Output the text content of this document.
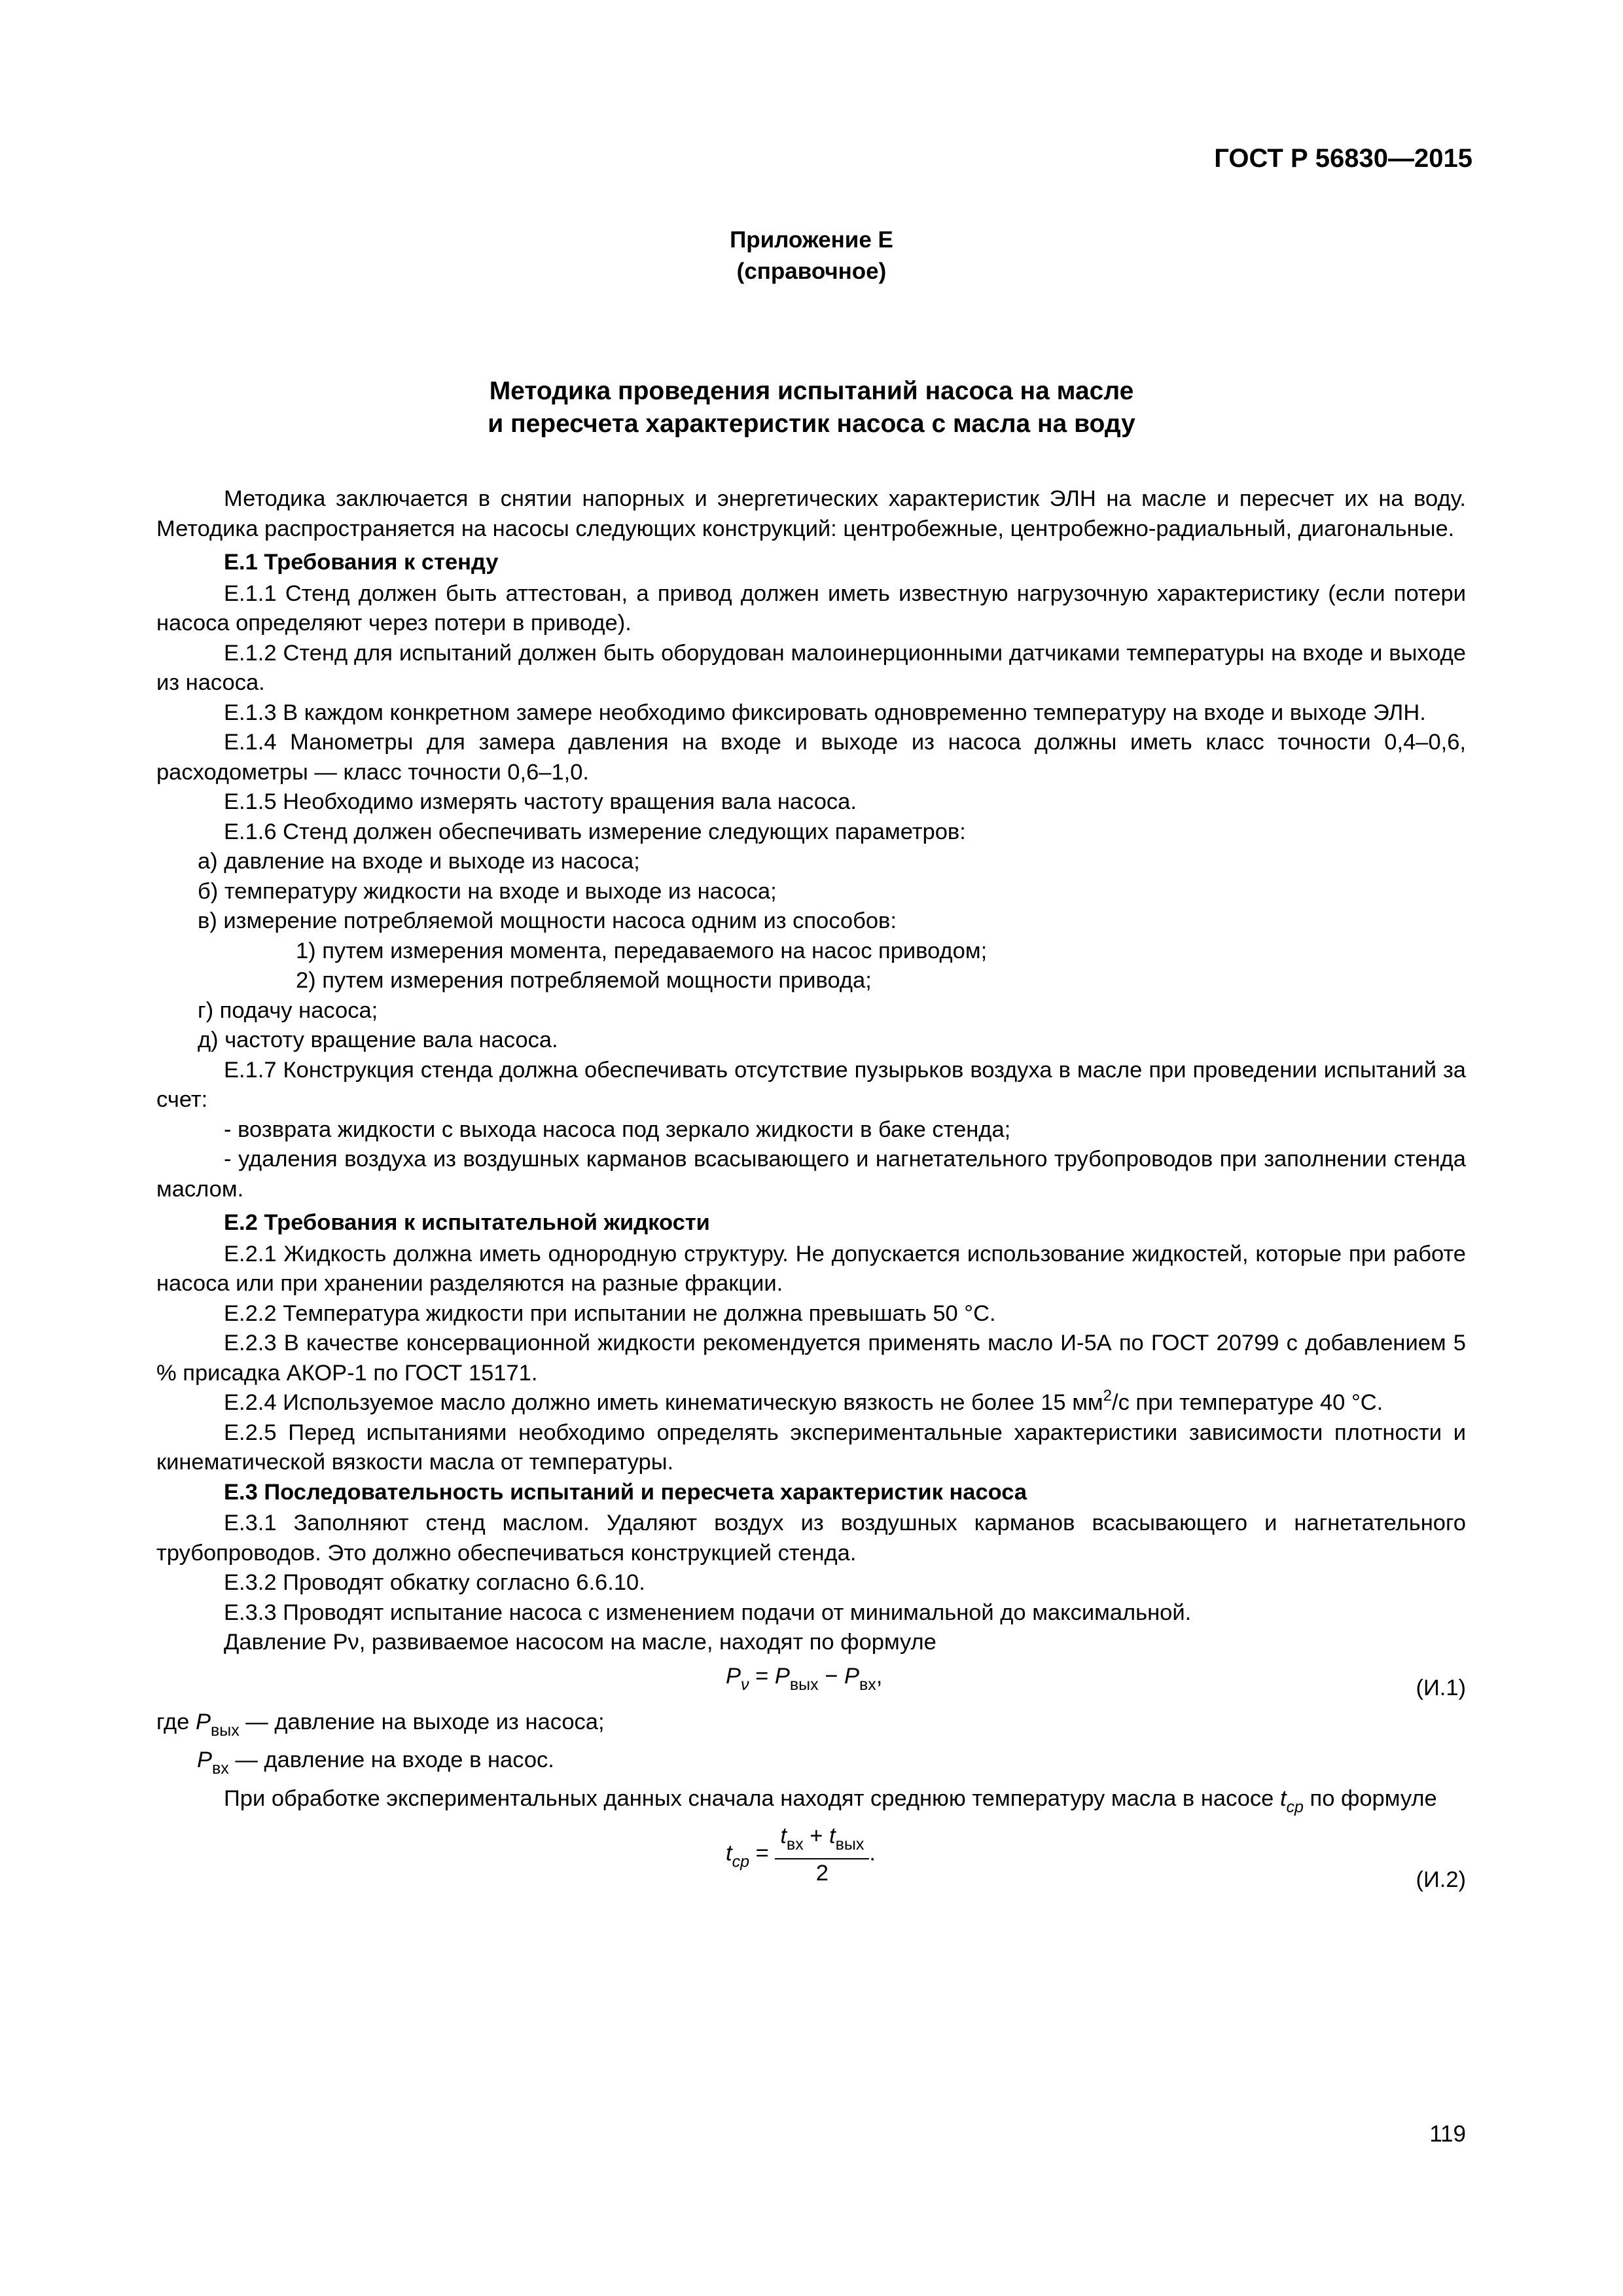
ГОСТ Р 56830—2015
Приложение Е
(справочное)
Методика проведения испытаний насоса на масле
и пересчета характеристик насоса с масла на воду
Методика заключается в снятии напорных и энергетических характеристик ЭЛН на масле и пересчет их на воду. Методика распространяется на насосы следующих конструкций: центробежные, центробежно-радиальный, диагональные.
Е.1 Требования к стенду
Е.1.1 Стенд должен быть аттестован, а привод должен иметь известную нагрузочную характеристику (если потери насоса определяют через потери в приводе).
Е.1.2 Стенд для испытаний должен быть оборудован малоинерционными датчиками температуры на входе и выходе из насоса.
Е.1.3 В каждом конкретном замере необходимо фиксировать одновременно температуру на входе и выходе ЭЛН.
Е.1.4 Манометры для замера давления на входе и выходе из насоса должны иметь класс точности 0,4–0,6, расходометры — класс точности 0,6–1,0.
Е.1.5 Необходимо измерять частоту вращения вала насоса.
Е.1.6 Стенд должен обеспечивать измерение следующих параметров:
а) давление на входе и выходе из насоса;
б) температуру жидкости на входе и выходе из насоса;
в) измерение потребляемой мощности насоса одним из способов:
1) путем измерения момента, передаваемого на насос приводом;
2) путем измерения потребляемой мощности привода;
г) подачу насоса;
д) частоту вращение вала насоса.
Е.1.7 Конструкция стенда должна обеспечивать отсутствие пузырьков воздуха в масле при проведении испытаний за счет:
- возврата жидкости с выхода насоса под зеркало жидкости в баке стенда;
- удаления воздуха из воздушных карманов всасывающего и нагнетательного трубопроводов при заполнении стенда маслом.
Е.2 Требования к испытательной жидкости
Е.2.1 Жидкость должна иметь однородную структуру. Не допускается использование жидкостей, которые при работе насоса или при хранении разделяются на разные фракции.
Е.2.2 Температура жидкости при испытании не должна превышать 50 °С.
Е.2.3 В качестве консервационной жидкости рекомендуется применять масло И-5А по ГОСТ 20799 с добавлением 5 % присадка АКОР-1 по ГОСТ 15171.
Е.2.4 Используемое масло должно иметь кинематическую вязкость не более 15 $мм^2/с$ при температуре 40 °С.
Е.2.5 Перед испытаниями необходимо определять экспериментальные характеристики зависимости плотности и кинематической вязкости масла от температуры.
Е.3 Последовательность испытаний и пересчета характеристик насоса
Е.3.1 Заполняют стенд маслом. Удаляют воздух из воздушных карманов всасывающего и нагнетательного трубопроводов. Это должно обеспечиваться конструкцией стенда.
Е.3.2 Проводят обкатку согласно 6.6.10.
Е.3.3 Проводят испытание насоса с изменением подачи от минимальной до максимальной.
Давление Pν, развиваемое насосом на масле, находят по формуле
$P_\nu = P_{вых} - P_{вх}$,	(И.1)
где $P_{вых}$ — давление на выходе из насоса;
$P_{вх}$ — давление на входе в насос.
При обработке экспериментальных данных сначала находят среднюю температуру масла в насосе $t_{ср}$ по формуле
$t_{ср} = \frac{t_{вх} + t_{вых}}{2}$ .
(И.2)
119
